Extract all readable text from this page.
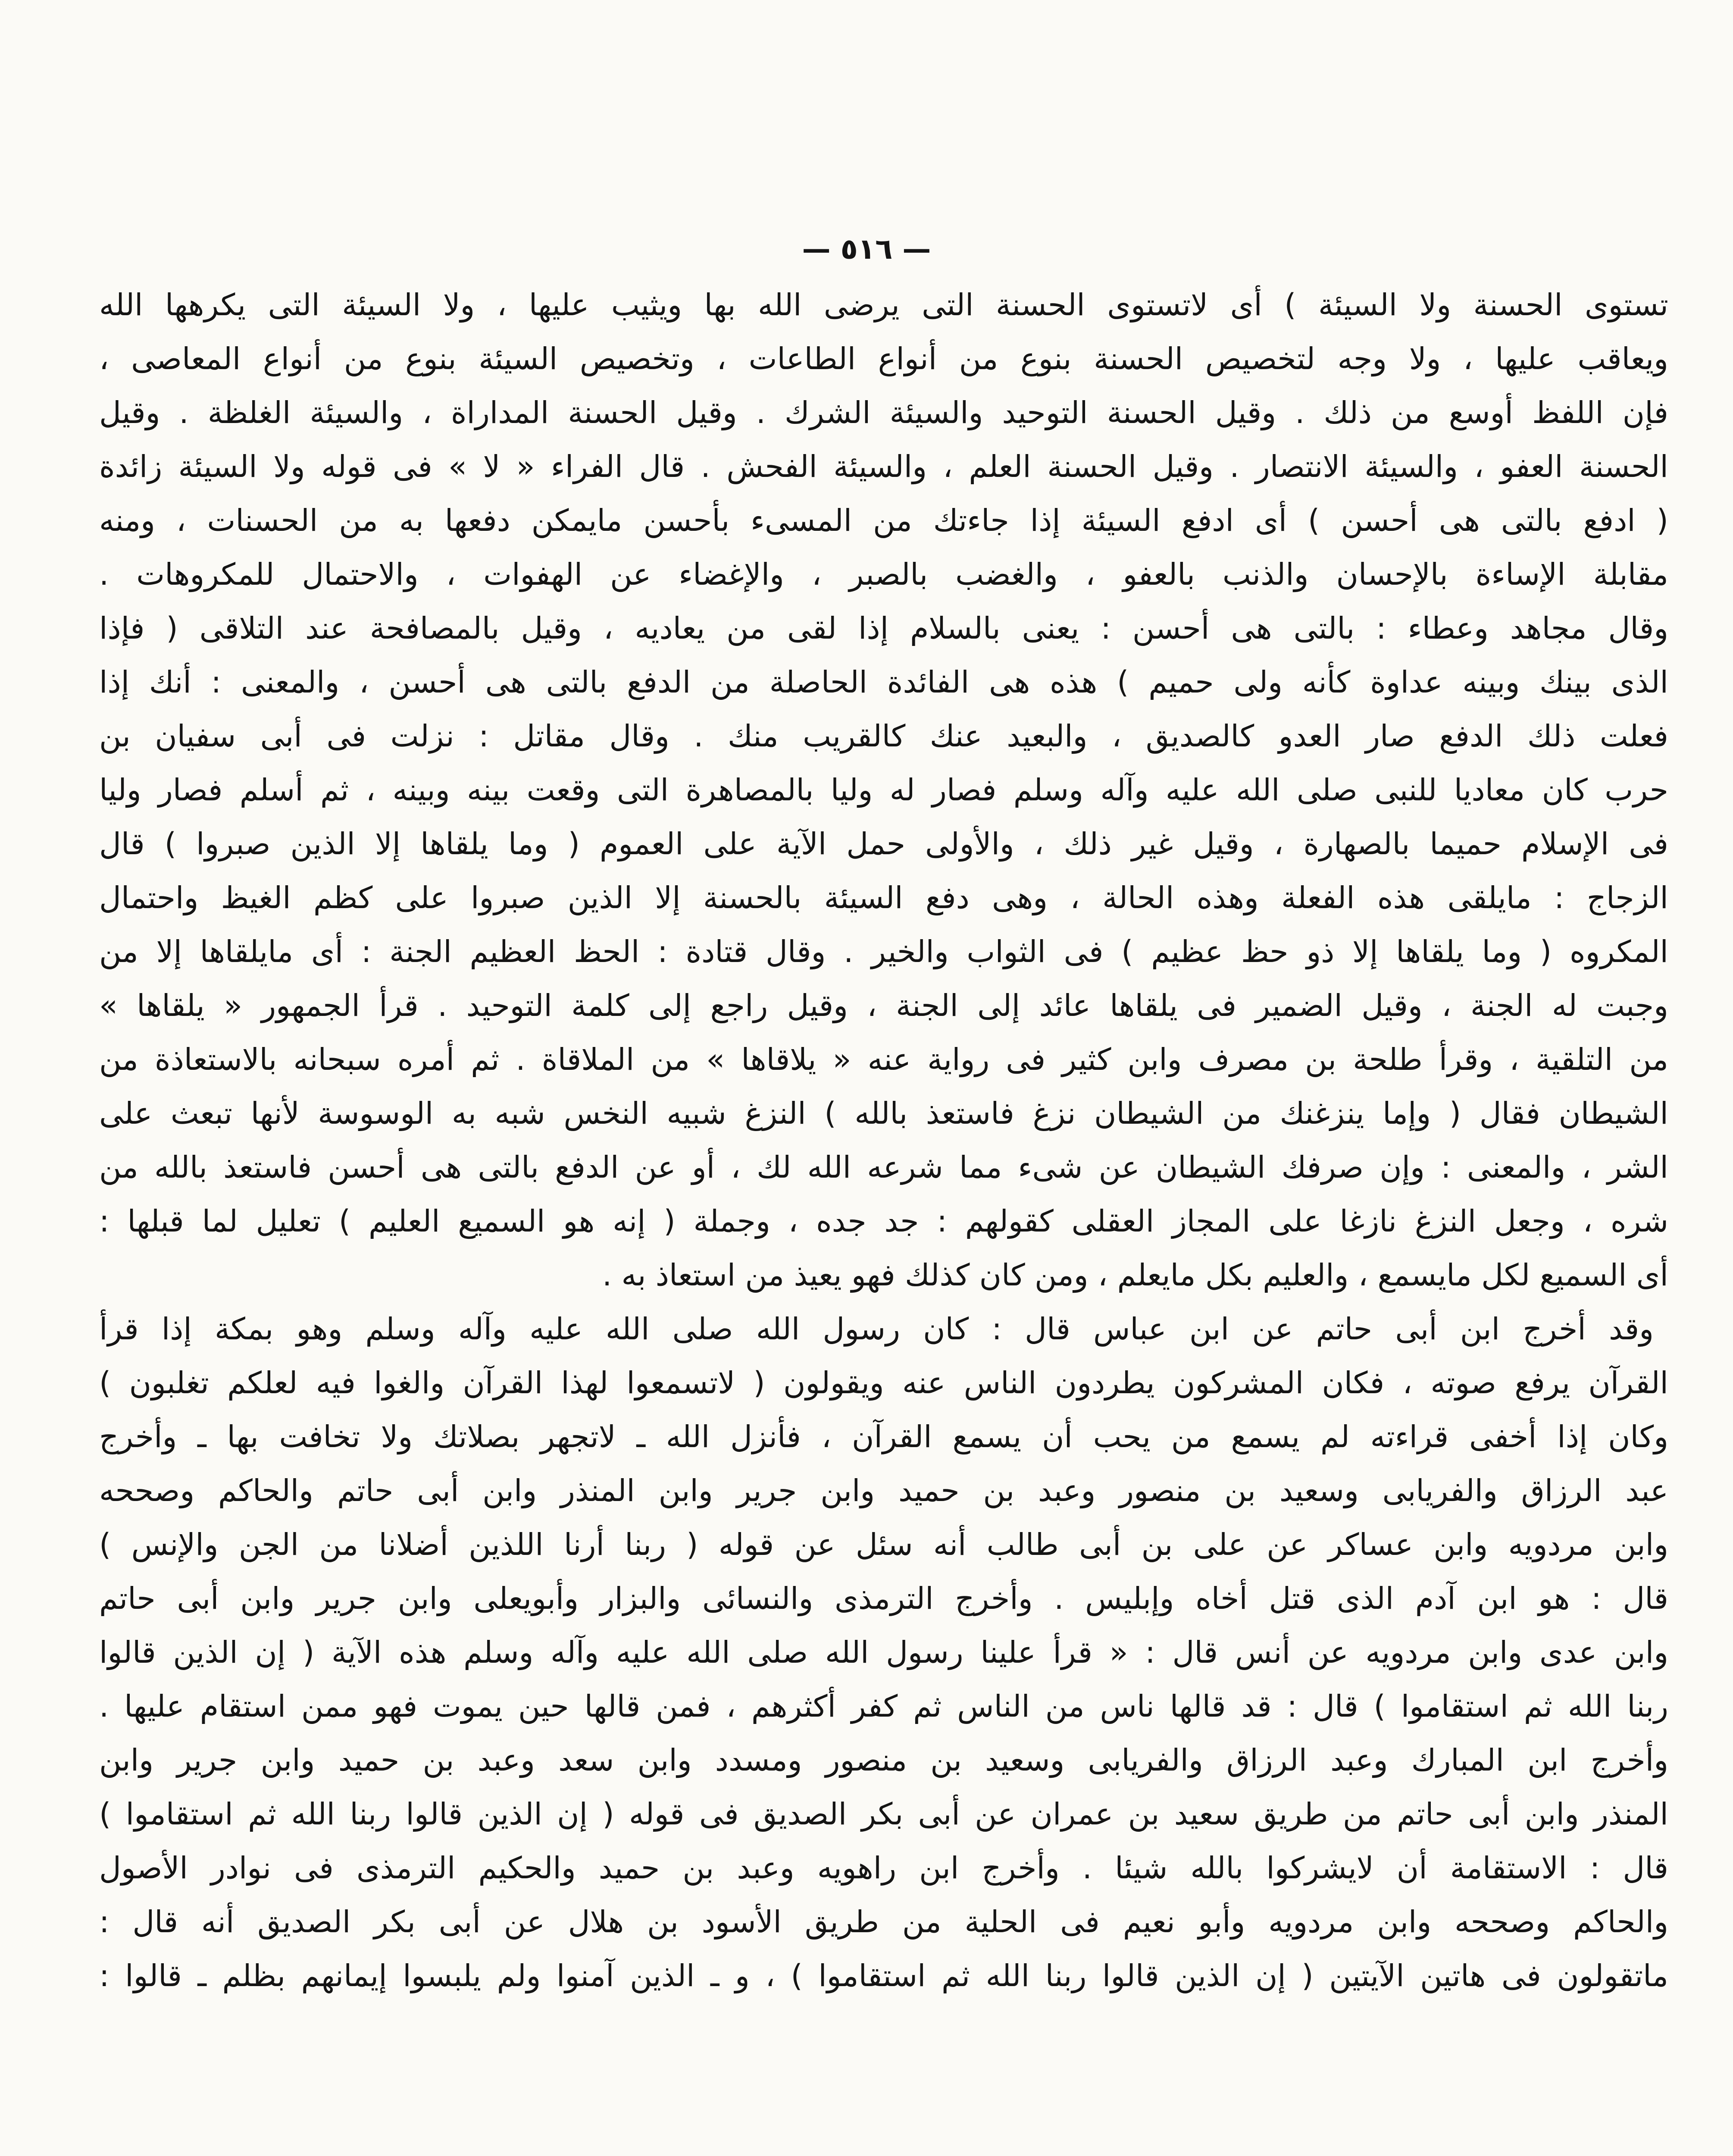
— ٥١٦ —
تستوى الحسنة ولا السيئة ) أى لاتستوى الحسنة التى يرضى الله بها ويثيب عليها ، ولا السيئة التى يكرهها الله
ويعاقب عليها ، ولا وجه لتخصيص الحسنة بنوع من أنواع الطاعات ، وتخصيص السيئة بنوع من أنواع المعاصى ،
فإن اللفظ أوسع من ذلك . وقيل الحسنة التوحيد والسيئة الشرك . وقيل الحسنة المداراة ، والسيئة الغلظة . وقيل
الحسنة العفو ، والسيئة الانتصار . وقيل الحسنة العلم ، والسيئة الفحش . قال الفراء « لا » فى قوله ولا السيئة زائدة
( ادفع بالتى هى أحسن ) أى ادفع السيئة إذا جاءتك من المسىء بأحسن مايمكن دفعها به من الحسنات ، ومنه
مقابلة الإساءة بالإحسان والذنب بالعفو ، والغضب بالصبر ، والإغضاء عن الهفوات ، والاحتمال للمكروهات .
وقال مجاهد وعطاء : بالتى هى أحسن : يعنى بالسلام إذا لقى من يعاديه ، وقيل بالمصافحة عند التلاقى ( فإذا
الذى بينك وبينه عداوة كأنه ولى حميم ) هذه هى الفائدة الحاصلة من الدفع بالتى هى أحسن ، والمعنى : أنك إذا
فعلت ذلك الدفع صار العدو كالصديق ، والبعيد عنك كالقريب منك . وقال مقاتل : نزلت فى أبى سفيان بن
حرب كان معاديا للنبى صلى الله عليه وآله وسلم فصار له وليا بالمصاهرة التى وقعت بينه وبينه ، ثم أسلم فصار وليا
فى الإسلام حميما بالصهارة ، وقيل غير ذلك ، والأولى حمل الآية على العموم ( وما يلقاها إلا الذين صبروا ) قال
الزجاج : مايلقى هذه الفعلة وهذه الحالة ، وهى دفع السيئة بالحسنة إلا الذين صبروا على كظم الغيظ واحتمال
المكروه ( وما يلقاها إلا ذو حظ عظيم ) فى الثواب والخير . وقال قتادة : الحظ العظيم الجنة : أى مايلقاها إلا من
وجبت له الجنة ، وقيل الضمير فى يلقاها عائد إلى الجنة ، وقيل راجع إلى كلمة التوحيد . قرأ الجمهور « يلقاها »
من التلقية ، وقرأ طلحة بن مصرف وابن كثير فى رواية عنه « يلاقاها » من الملاقاة . ثم أمره سبحانه بالاستعاذة من
الشيطان فقال ( وإما ينزغنك من الشيطان نزغ فاستعذ بالله ) النزغ شبيه النخس شبه به الوسوسة لأنها تبعث على
الشر ، والمعنى : وإن صرفك الشيطان عن شىء مما شرعه الله لك ، أو عن الدفع بالتى هى أحسن فاستعذ بالله من
شره ، وجعل النزغ نازغا على المجاز العقلى كقولهم : جد جده ، وجملة ( إنه هو السميع العليم ) تعليل لما قبلها :
أى السميع لكل مايسمع ، والعليم بكل مايعلم ، ومن كان كذلك فهو يعيذ من استعاذ به .
وقد أخرج ابن أبى حاتم عن ابن عباس قال : كان رسول الله صلى الله عليه وآله وسلم وهو بمكة إذا قرأ
القرآن يرفع صوته ، فكان المشركون يطردون الناس عنه ويقولون ( لاتسمعوا لهذا القرآن والغوا فيه لعلكم تغلبون )
وكان إذا أخفى قراءته لم يسمع من يحب أن يسمع القرآن ، فأنزل الله ـ لاتجهر بصلاتك ولا تخافت بها ـ وأخرج
عبد الرزاق والفريابى وسعيد بن منصور وعبد بن حميد وابن جرير وابن المنذر وابن أبى حاتم والحاكم وصححه
وابن مردويه وابن عساكر عن على بن أبى طالب أنه سئل عن قوله ( ربنا أرنا اللذين أضلانا من الجن والإنس )
قال : هو ابن آدم الذى قتل أخاه وإبليس . وأخرج الترمذى والنسائى والبزار وأبويعلى وابن جرير وابن أبى حاتم
وابن عدى وابن مردويه عن أنس قال : « قرأ علينا رسول الله صلى الله عليه وآله وسلم هذه الآية ( إن الذين قالوا
ربنا الله ثم استقاموا ) قال : قد قالها ناس من الناس ثم كفر أكثرهم ، فمن قالها حين يموت فهو ممن استقام عليها .
وأخرج ابن المبارك وعبد الرزاق والفريابى وسعيد بن منصور ومسدد وابن سعد وعبد بن حميد وابن جرير وابن
المنذر وابن أبى حاتم من طريق سعيد بن عمران عن أبى بكر الصديق فى قوله ( إن الذين قالوا ربنا الله ثم استقاموا )
قال : الاستقامة أن لايشركوا بالله شيئا . وأخرج ابن راهويه وعبد بن حميد والحكيم الترمذى فى نوادر الأصول
والحاكم وصححه وابن مردويه وأبو نعيم فى الحلية من طريق الأسود بن هلال عن أبى بكر الصديق أنه قال :
ماتقولون فى هاتين الآيتين ( إن الذين قالوا ربنا الله ثم استقاموا ) ، و ـ الذين آمنوا ولم يلبسوا إيمانهم بظلم ـ قالوا :
